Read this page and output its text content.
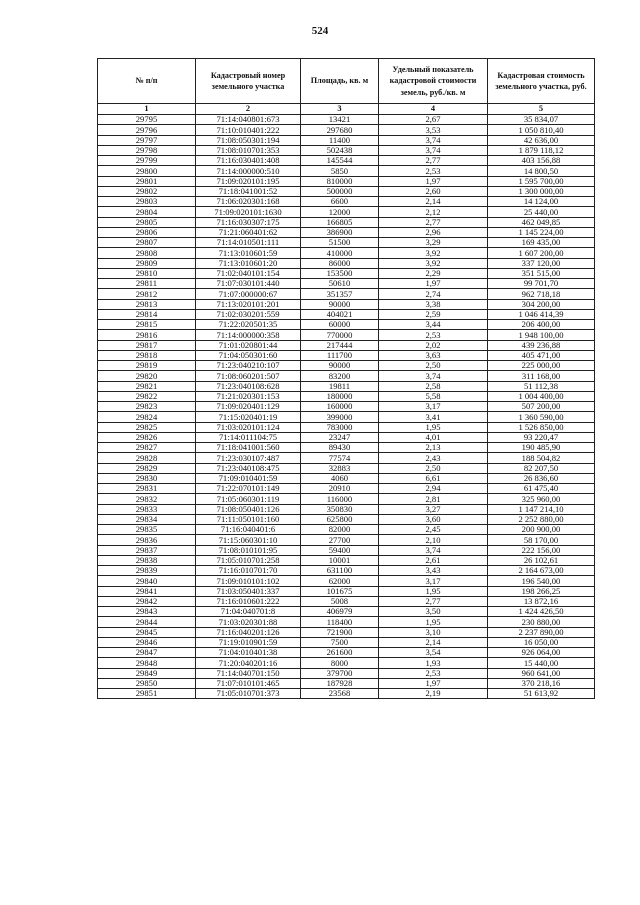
524
№ п/п	Кадастровый номер земельного участка	Площадь, кв. м	Удельный показатель кадастровой стоимости земель, руб./кв. м	Кадастровая стоимость земельного участка, руб.
1	2	3	4	5
29795	71:14:040801:673	13421	2,67	35 834,07
29796	71:10:010401:222	297680	3,53	1 050 810,40
29797	71:08:050301:194	11400	3,74	42 636,00
29798	71:08:010701:353	502438	3,74	1 879 118,12
29799	71:16:030401:408	145544	2,77	403 156,88
29800	71:14:000000:510	5850	2,53	14 800,50
29801	71:09:020101:195	810000	1,97	1 595 700,00
29802	71:18:041001:52	500000	2,60	1 300 000,00
29803	71:06:020301:168	6600	2,14	14 124,00
29804	71:09:020101:1630	12000	2,12	25 440,00
29805	71:16:030307:175	166805	2,77	462 049,85
29806	71:21:060401:62	386900	2,96	1 145 224,00
29807	71:14:010501:111	51500	3,29	169 435,00
29808	71:13:010601:59	410000	3,92	1 607 200,00
29809	71:13:010601:20	86000	3,92	337 120,00
29810	71:02:040101:154	153500	2,29	351 515,00
29811	71:07:030101:440	50610	1,97	99 701,70
29812	71:07:000000:67	351357	2,74	962 718,18
29813	71:13:020101:201	90000	3,38	304 200,00
29814	71:02:030201:559	404021	2,59	1 046 414,39
29815	71:22:020501:35	60000	3,44	206 400,00
29816	71:14:000000:358	770000	2,53	1 948 100,00
29817	71:01:020801:44	217444	2,02	439 236,88
29818	71:04:050301:60	111700	3,63	405 471,00
29819	71:23:040210:107	90000	2,50	225 000,00
29820	71:08:060201:507	83200	3,74	311 168,00
29821	71:23:040108:628	19811	2,58	51 112,38
29822	71:21:020301:153	180000	5,58	1 004 400,00
29823	71:09:020401:129	160000	3,17	507 200,00
29824	71:15:020401:19	399000	3,41	1 360 590,00
29825	71:03:020101:124	783000	1,95	1 526 850,00
29826	71:14:011104:75	23247	4,01	93 220,47
29827	71:18:041001:560	89430	2,13	190 485,90
29828	71:23:030107:487	77574	2,43	188 504,82
29829	71:23:040108:475	32883	2,50	82 207,50
29830	71:09:010401:59	4060	6,61	26 836,60
29831	71:22:070101:149	20910	2,94	61 475,40
29832	71:05:060301:119	116000	2,81	325 960,00
29833	71:08:050401:126	350830	3,27	1 147 214,10
29834	71:11:050101:160	625800	3,60	2 252 880,00
29835	71:16:040401:6	82000	2,45	200 900,00
29836	71:15:060301:10	27700	2,10	58 170,00
29837	71:08:010101:95	59400	3,74	222 156,00
29838	71:05:010701:258	10001	2,61	26 102,61
29839	71:16:010701:70	631100	3,43	2 164 673,00
29840	71:09:010101:102	62000	3,17	196 540,00
29841	71:03:050401:337	101675	1,95	198 266,25
29842	71:16:010601:222	5008	2,77	13 872,16
29843	71:04:040701:8	406979	3,50	1 424 426,50
29844	71:03:020301:88	118400	1,95	230 880,00
29845	71:16:040201:126	721900	3,10	2 237 890,00
29846	71:19:010901:59	7500	2,14	16 050,00
29847	71:04:010401:38	261600	3,54	926 064,00
29848	71:20:040201:16	8000	1,93	15 440,00
29849	71:14:040701:150	379700	2,53	960 641,00
29850	71:07:010101:465	187928	1,97	370 218,16
29851	71:05:010701:373	23568	2,19	51 613,92
